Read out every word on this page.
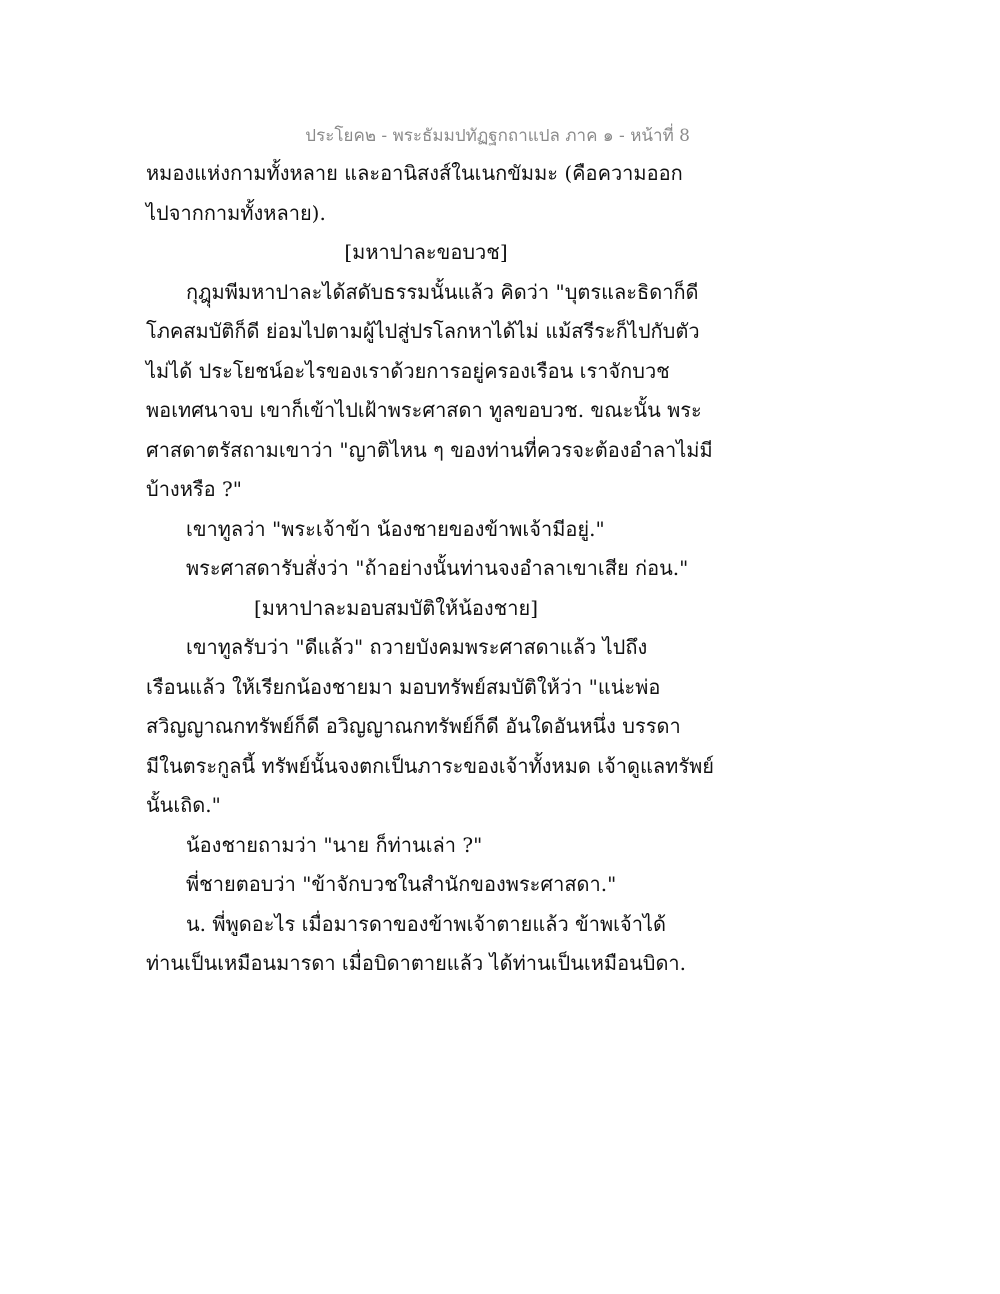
ประโยค๒ - พระธัมมปทัฏฐกถาแปล ภาค ๑ - หน้าที่ 8
หมองแห่งกามทั้งหลาย และอานิสงส์ในเนกขัมมะ (คือความออก
ไปจากกามทั้งหลาย).
[มหาปาละขอบวช]
กุฎุมพีมหาปาละได้สดับธรรมนั้นแล้ว คิดว่า "บุตรและธิดาก็ดี
โภคสมบัติก็ดี ย่อมไปตามผู้ไปสู่ปรโลกหาได้ไม่ แม้สรีระก็ไปกับตัว
ไม่ได้ ประโยชน์อะไรของเราด้วยการอยู่ครองเรือน เราจักบวช
พอเทศนาจบ เขาก็เข้าไปเฝ้าพระศาสดา ทูลขอบวช. ขณะนั้น พระ
ศาสดาตรัสถามเขาว่า "ญาติไหน ๆ ของท่านที่ควรจะต้องอำลาไม่มี
บ้างหรือ ?"
เขาทูลว่า "พระเจ้าข้า น้องชายของข้าพเจ้ามีอยู่."
พระศาสดารับสั่งว่า "ถ้าอย่างนั้นท่านจงอำลาเขาเสีย ก่อน."
[มหาปาละมอบสมบัติให้น้องชาย]
เขาทูลรับว่า "ดีแล้ว" ถวายบังคมพระศาสดาแล้ว ไปถึง
เรือนแล้ว ให้เรียกน้องชายมา มอบทรัพย์สมบัติให้ว่า "แน่ะพ่อ
สวิญญาณกทรัพย์ก็ดี อวิญญาณกทรัพย์ก็ดี อันใดอันหนึ่ง บรรดา
มีในตระกูลนี้ ทรัพย์นั้นจงตกเป็นภาระของเจ้าทั้งหมด เจ้าดูแลทรัพย์
นั้นเถิด."
น้องชายถามว่า "นาย ก็ท่านเล่า ?"
พี่ชายตอบว่า "ข้าจักบวชในสำนักของพระศาสดา."
น. พี่พูดอะไร เมื่อมารดาของข้าพเจ้าตายแล้ว ข้าพเจ้าได้
ท่านเป็นเหมือนมารดา เมื่อบิดาตายแล้ว ได้ท่านเป็นเหมือนบิดา.
